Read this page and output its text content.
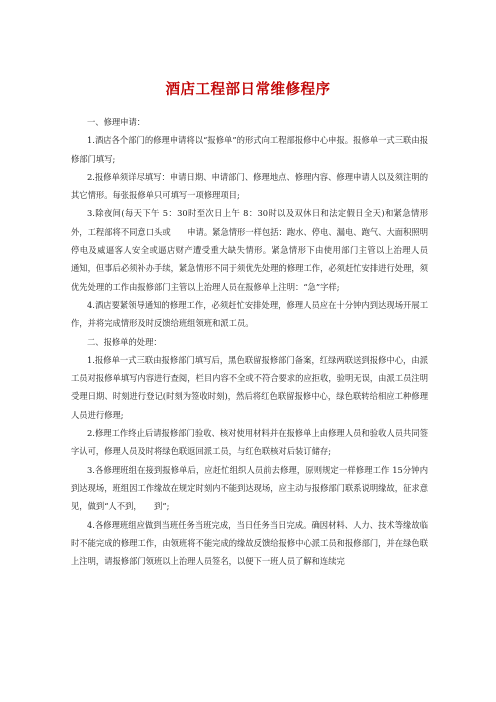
酒店工程部日常维修程序

一、修理申请：

1.酒店各个部门的修理申请将以“报修单”的形式向工程部报修中心申报。报修单一式三联由报修部门填写;

2.报修单须详尽填写：申请日期、申请部门、修理地点、修理内容、修理申请人以及须注明的其它情形。每张报修单只可填写一项修理项目;

3.除夜间(每天下午 5：30时至次日上午 8：30时以及双休日和法定假日全天)和紧急情形外，工程部将不同意口头或　　申请。紧急情形一样包括：跑水、停电、漏电、跑气、大面积照明停电及威逼客人安全或逼店财产遭受重大缺失情形。紧急情形下由使用部门主管以上治理人员　 通知，但事后必须补办手续，紧急情形不同于须优先处理的修理工作，必须赶忙安排进行处理，须优先处理的工作由报修部门主管以上治理人员在报修单上注明：“急”字样;

4.酒店要紧领导通知的修理工作，必须赶忙安排处理，修理人员应在十分钟内到达现场开展工作，并将完成情形及时反馈给班组领班和派工员。

二、报修单的处理：

1.报修单一式三联由报修部门填写后，黑色联留报修部门备案，红绿两联送到报修中心，由派工员对报修单填写内容进行查阅，栏目内容不全或不符合要求的应拒收，验明无误，由派工员注明受理日期、时刻进行登记(时刻为签收时刻)，然后将红色联留报修中心，绿色联转给相应工种修理人员进行修理;

2.修理工作终止后请报修部门验收、核对使用材料并在报修单上由修理人员和验收人员共同签字认可，修理人员及时将绿色联返回派工员，与红色联核对后装订储存;

3.各修理班组在接到报修单后，应赶忙组织人员前去修理，原则规定一样修理工作 15分钟内到达现场，班组因工作缘故在规定时刻内不能到达现场，应主动与报修部门联系说明缘故，征求意见，做到“人不到，　　到”;

4.各修理班组应做到当班任务当班完成，当日任务当日完成。确因材料、人力、技术等缘故临时不能完成的修理工作，由领班将不能完成的缘故反馈给报修中心派工员和报修部门，并在绿色联上注明，请报修部门领班以上治理人员签名，以便下一班人员了解和连续完
